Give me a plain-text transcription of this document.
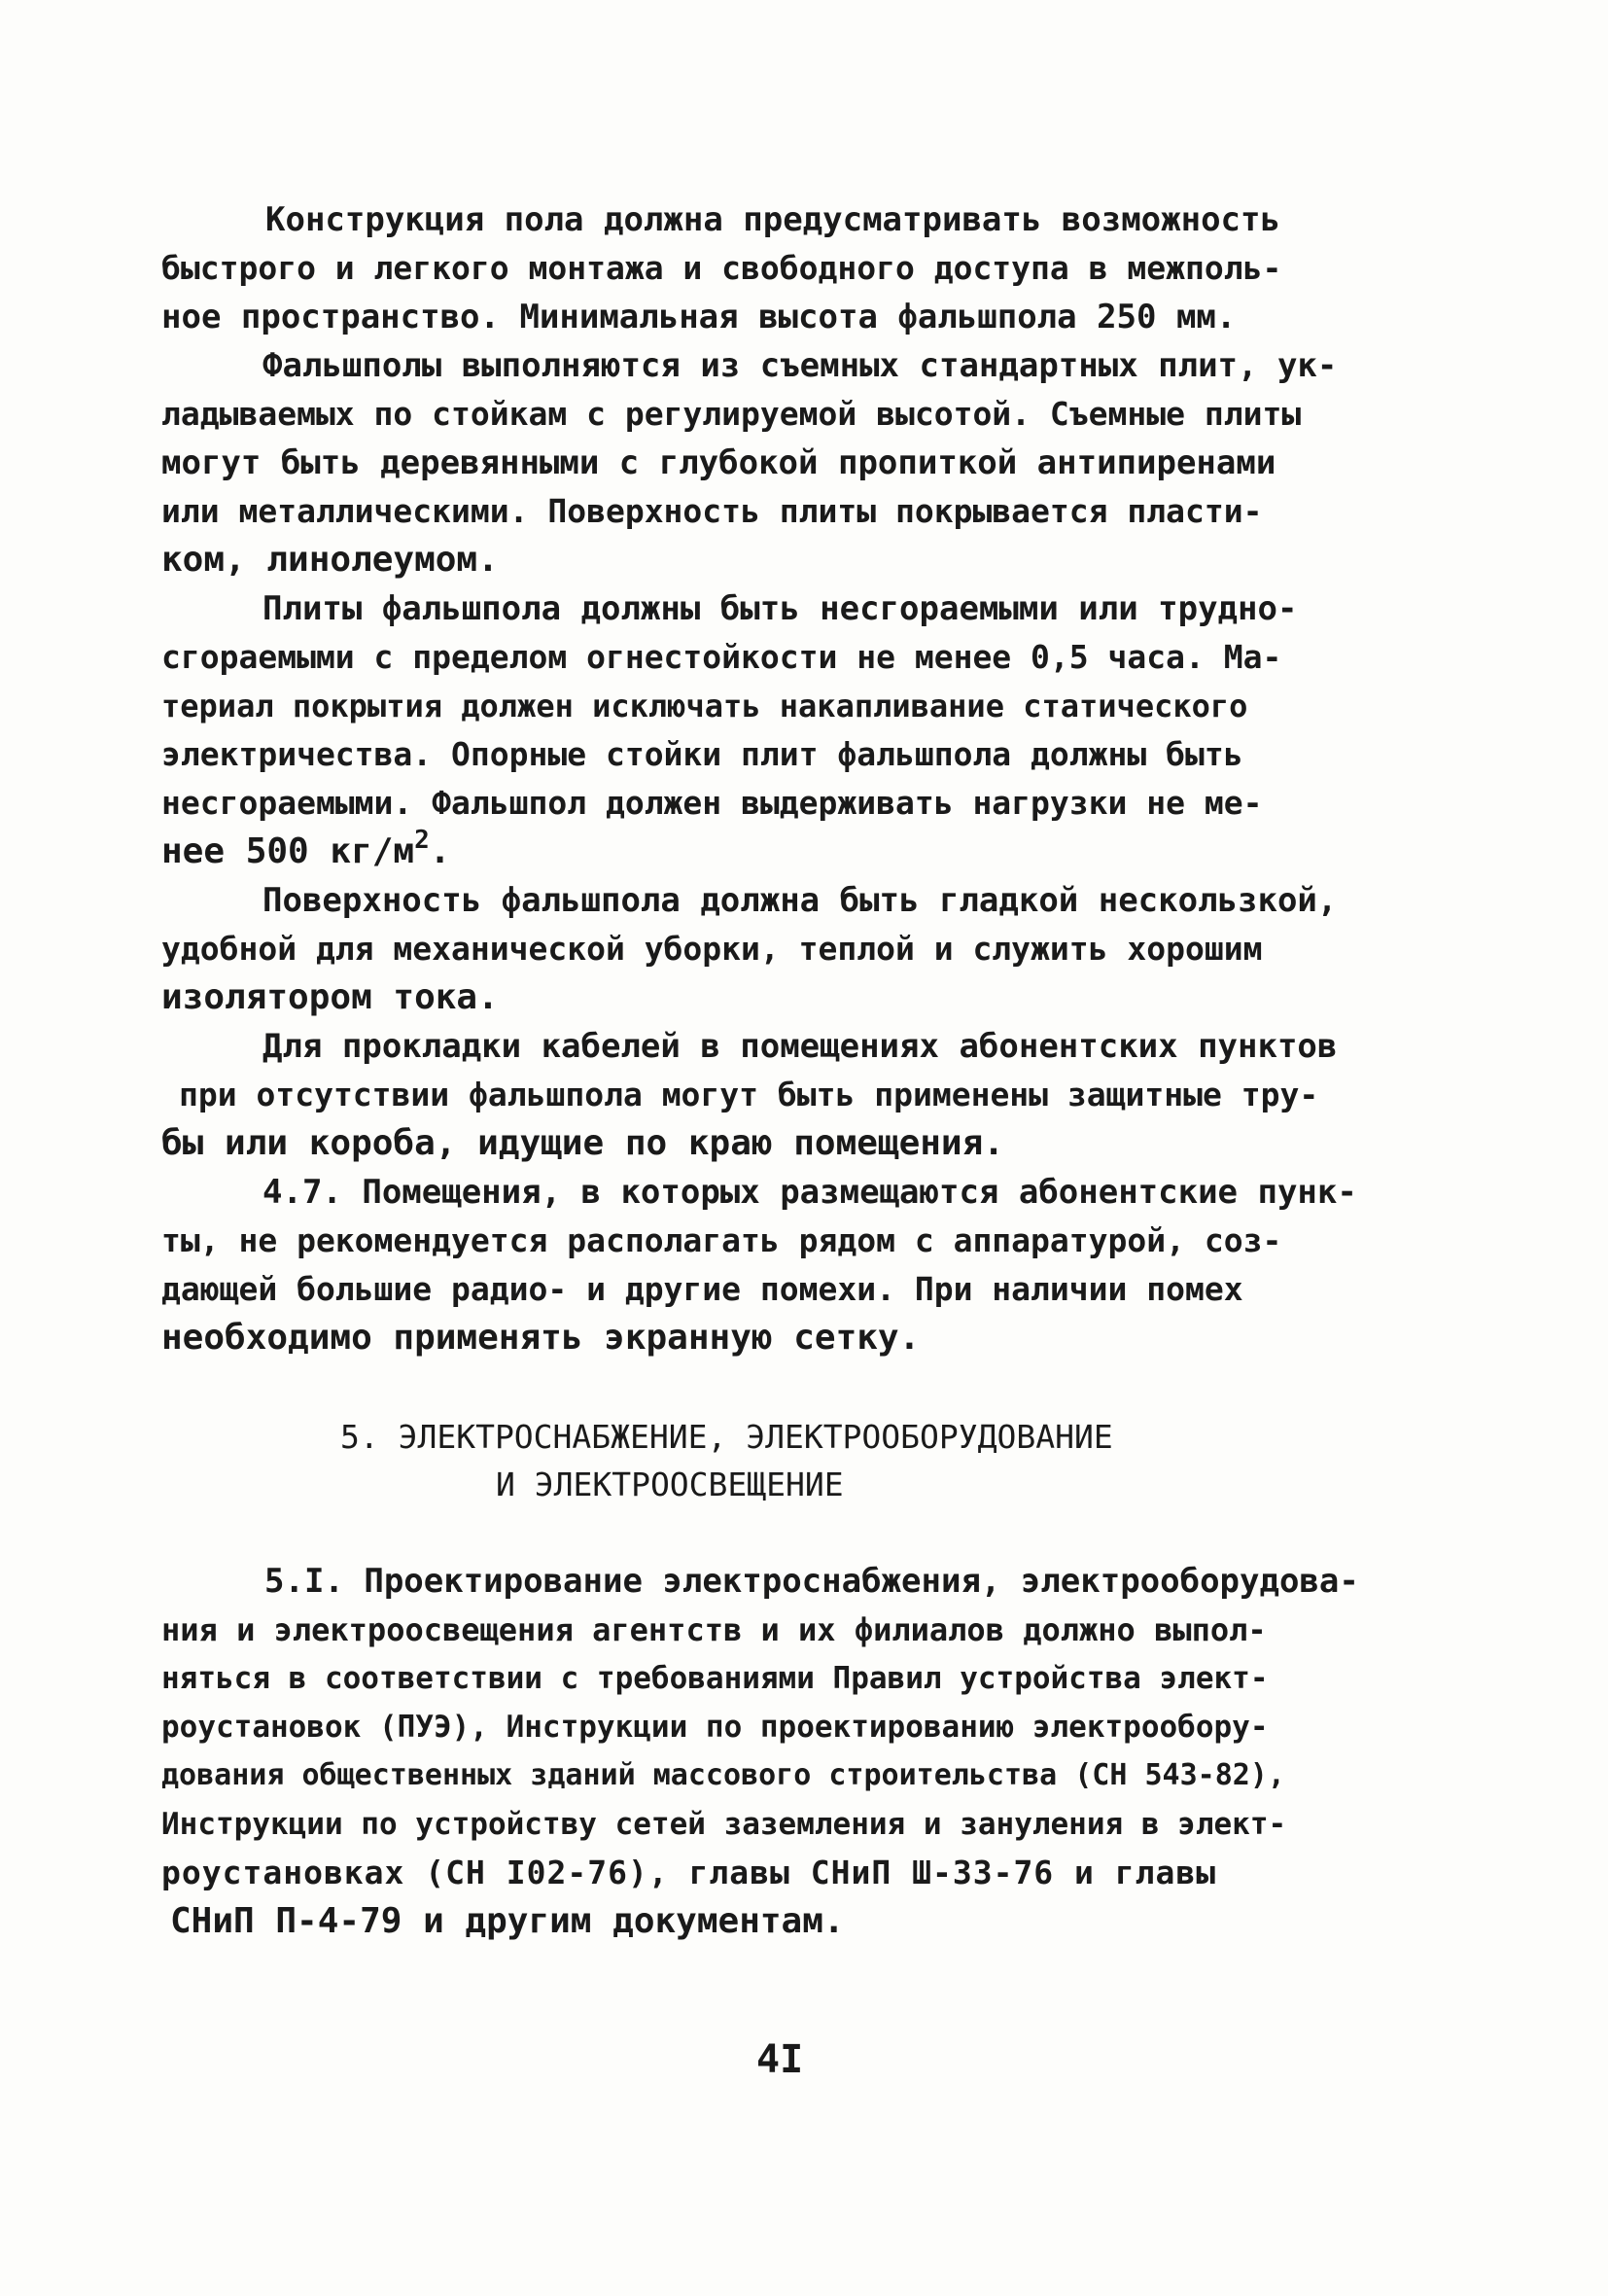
Конструкция пола должна предусматривать возможность
быстрого и легкого монтажа и свободного доступа в межполь-
ное пространство. Минимальная высота фальшпола 250 мм.
Фальшполы выполняются из съемных стандартных плит, ук-
ладываемых по стойкам с регулируемой высотой. Съемные плиты
могут быть деревянными с глубокой пропиткой антипиренами
или металлическими. Поверхность плиты покрывается пласти-
ком, линолеумом.
Плиты фальшпола должны быть несгораемыми или трудно-
сгораемыми с пределом огнестойкости не менее 0,5 часа. Ма-
териал покрытия должен исключать накапливание статического
электричества. Опорные стойки плит фальшпола должны быть
несгораемыми. Фальшпол должен выдерживать нагрузки не ме-
нее 500 $кг/м^2$.
Поверхность фальшпола должна быть гладкой нескользкой,
удобной для механической уборки, теплой и служить хорошим
изолятором тока.
Для прокладки кабелей в помещениях абонентских пунктов
при отсутствии фальшпола могут быть применены защитные тру-
бы или короба, идущие по краю помещения.
4.7. Помещения, в которых размещаются абонентские пунк-
ты, не рекомендуется располагать рядом с аппаратурой, соз-
дающей большие радио- и другие помехи. При наличии помех
необходимо применять экранную сетку.
5. ЭЛЕКТРОСНАБЖЕНИЕ, ЭЛЕКТРООБОРУДОВАНИЕ
И ЭЛЕКТРООСВЕЩЕНИЕ
5.I. Проектирование электроснабжения, электрооборудова-
ния и электроосвещения агентств и их филиалов должно выпол-
няться в соответствии с требованиями Правил устройства элект-
роустановок (ПУЭ), Инструкции по проектированию электрообору-
дования общественных зданий массового строительства (СН 543-82),
Инструкции по устройству сетей заземления и зануления в элект-
роустановках (СН I02-76), главы СНиП Ш-33-76 и главы
СНиП П-4-79 и другим документам.
4I
